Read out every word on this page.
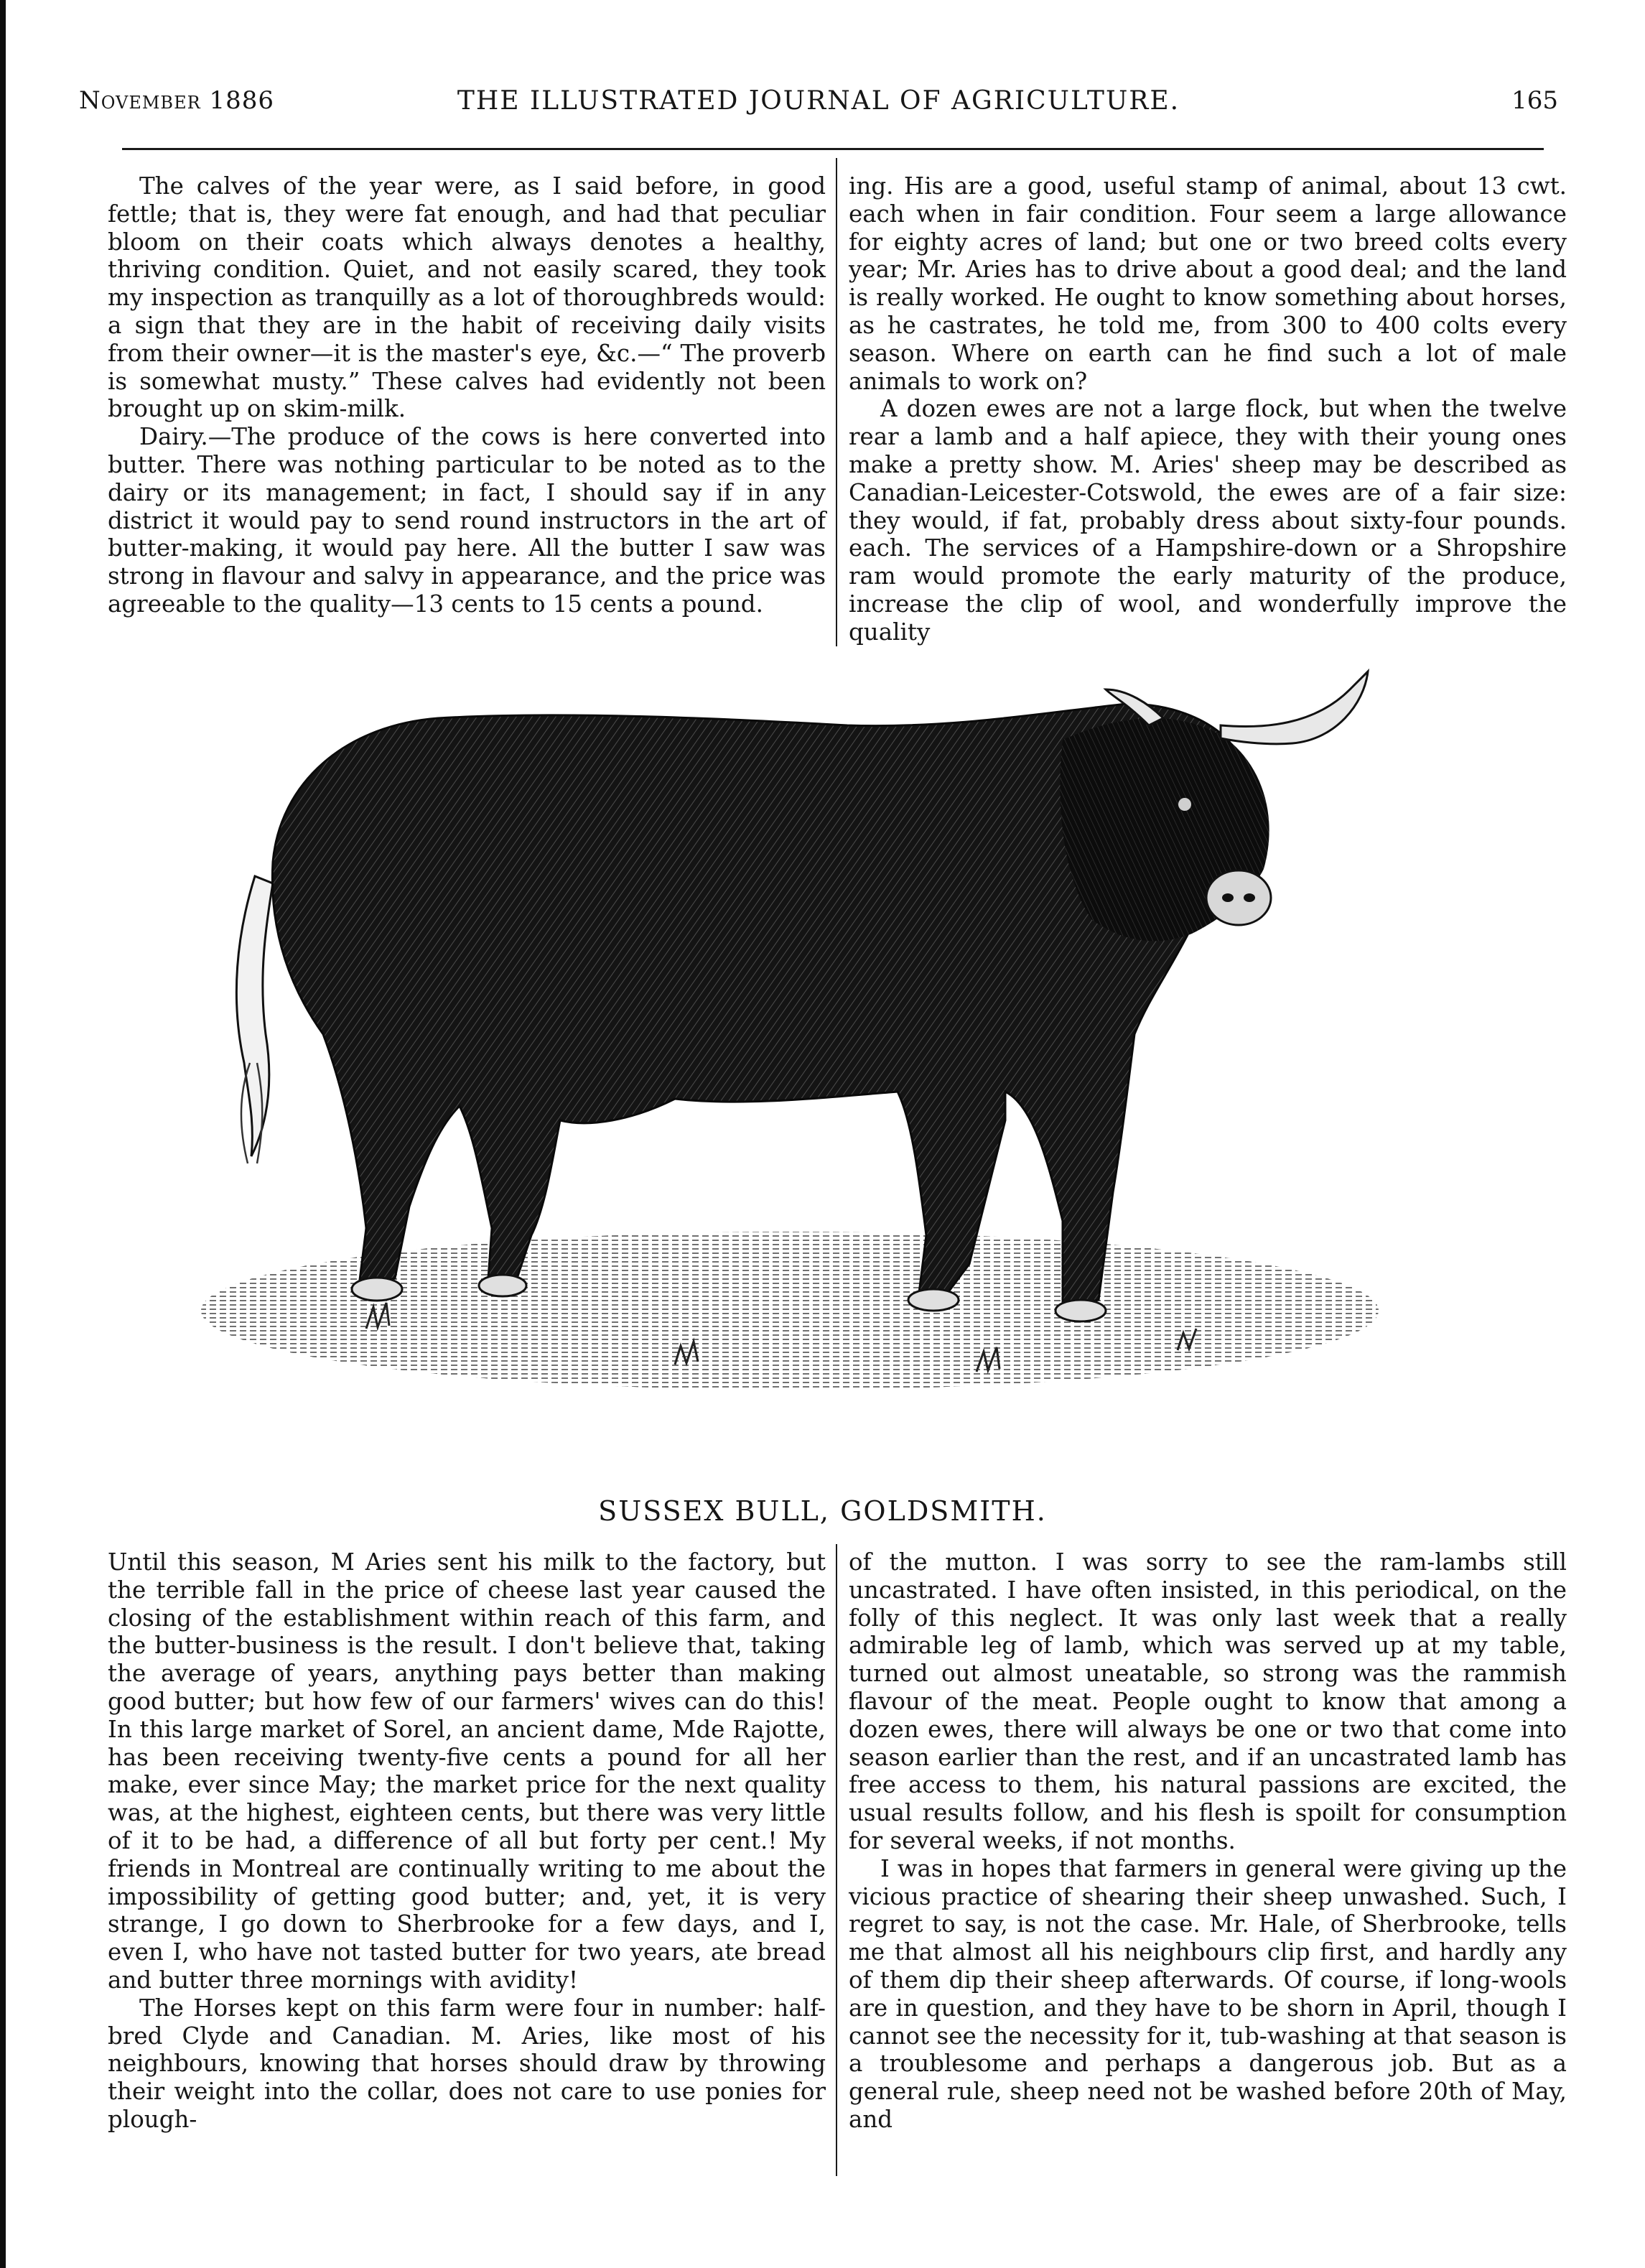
November 1886	THE ILLUSTRATED JOURNAL OF AGRICULTURE.	165

The calves of the year were, as I said before, in good fettle; that is, they were fat enough, and had that peculiar bloom on their coats which always denotes a healthy, thriving condition. Quiet, and not easily scared, they took my inspection as tranquilly as a lot of thoroughbreds would: a sign that they are in the habit of receiving daily visits from their owner—it is the master's eye, &c.—“ The proverb is somewhat musty.” These calves had evidently not been brought up on skim-milk.

Dairy.—The produce of the cows is here converted into butter. There was nothing particular to be noted as to the dairy or its management; in fact, I should say if in any district it would pay to send round instructors in the art of butter-making, it would pay here. All the butter I saw was strong in flavour and salvy in appearance, and the price was agreeable to the quality—13 cents to 15 cents a pound.

ing. His are a good, useful stamp of animal, about 13 cwt. each when in fair condition. Four seem a large allowance for eighty acres of land; but one or two breed colts every year; Mr. Aries has to drive about a good deal; and the land is really worked. He ought to know something about horses, as he castrates, he told me, from 300 to 400 colts every season. Where on earth can he find such a lot of male animals to work on?

A dozen ewes are not a large flock, but when the twelve rear a lamb and a half apiece, they with their young ones make a pretty show. M. Aries' sheep may be described as Canadian-Leicester-Cotswold, the ewes are of a fair size: they would, if fat, probably dress about sixty-four pounds. each. The services of a Hampshire-down or a Shropshire ram would promote the early maturity of the produce, increase the clip of wool, and wonderfully improve the quality

SUSSEX BULL, GOLDSMITH.

Until this season, M Aries sent his milk to the factory, but the terrible fall in the price of cheese last year caused the closing of the establishment within reach of this farm, and the butter-business is the result. I don't believe that, taking the average of years, anything pays better than making good butter; but how few of our farmers' wives can do this! In this large market of Sorel, an ancient dame, Mde Rajotte, has been receiving twenty-five cents a pound for all her make, ever since May; the market price for the next quality was, at the highest, eighteen cents, but there was very little of it to be had, a difference of all but forty per cent.! My friends in Montreal are continually writing to me about the impossibility of getting good butter; and, yet, it is very strange, I go down to Sherbrooke for a few days, and I, even I, who have not tasted butter for two years, ate bread and butter three mornings with avidity!

The Horses kept on this farm were four in number: half-bred Clyde and Canadian. M. Aries, like most of his neighbours, knowing that horses should draw by throwing their weight into the collar, does not care to use ponies for plough-

of the mutton. I was sorry to see the ram-lambs still uncastrated. I have often insisted, in this periodical, on the folly of this neglect. It was only last week that a really admirable leg of lamb, which was served up at my table, turned out almost uneatable, so strong was the rammish flavour of the meat. People ought to know that among a dozen ewes, there will always be one or two that come into season earlier than the rest, and if an uncastrated lamb has free access to them, his natural passions are excited, the usual results follow, and his flesh is spoilt for consumption for several weeks, if not months.

I was in hopes that farmers in general were giving up the vicious practice of shearing their sheep unwashed. Such, I regret to say, is not the case. Mr. Hale, of Sherbrooke, tells me that almost all his neighbours clip first, and hardly any of them dip their sheep afterwards. Of course, if long-wools are in question, and they have to be shorn in April, though I cannot see the necessity for it, tub-washing at that season is a troublesome and perhaps a dangerous job. But as a general rule, sheep need not be washed before 20th of May, and
